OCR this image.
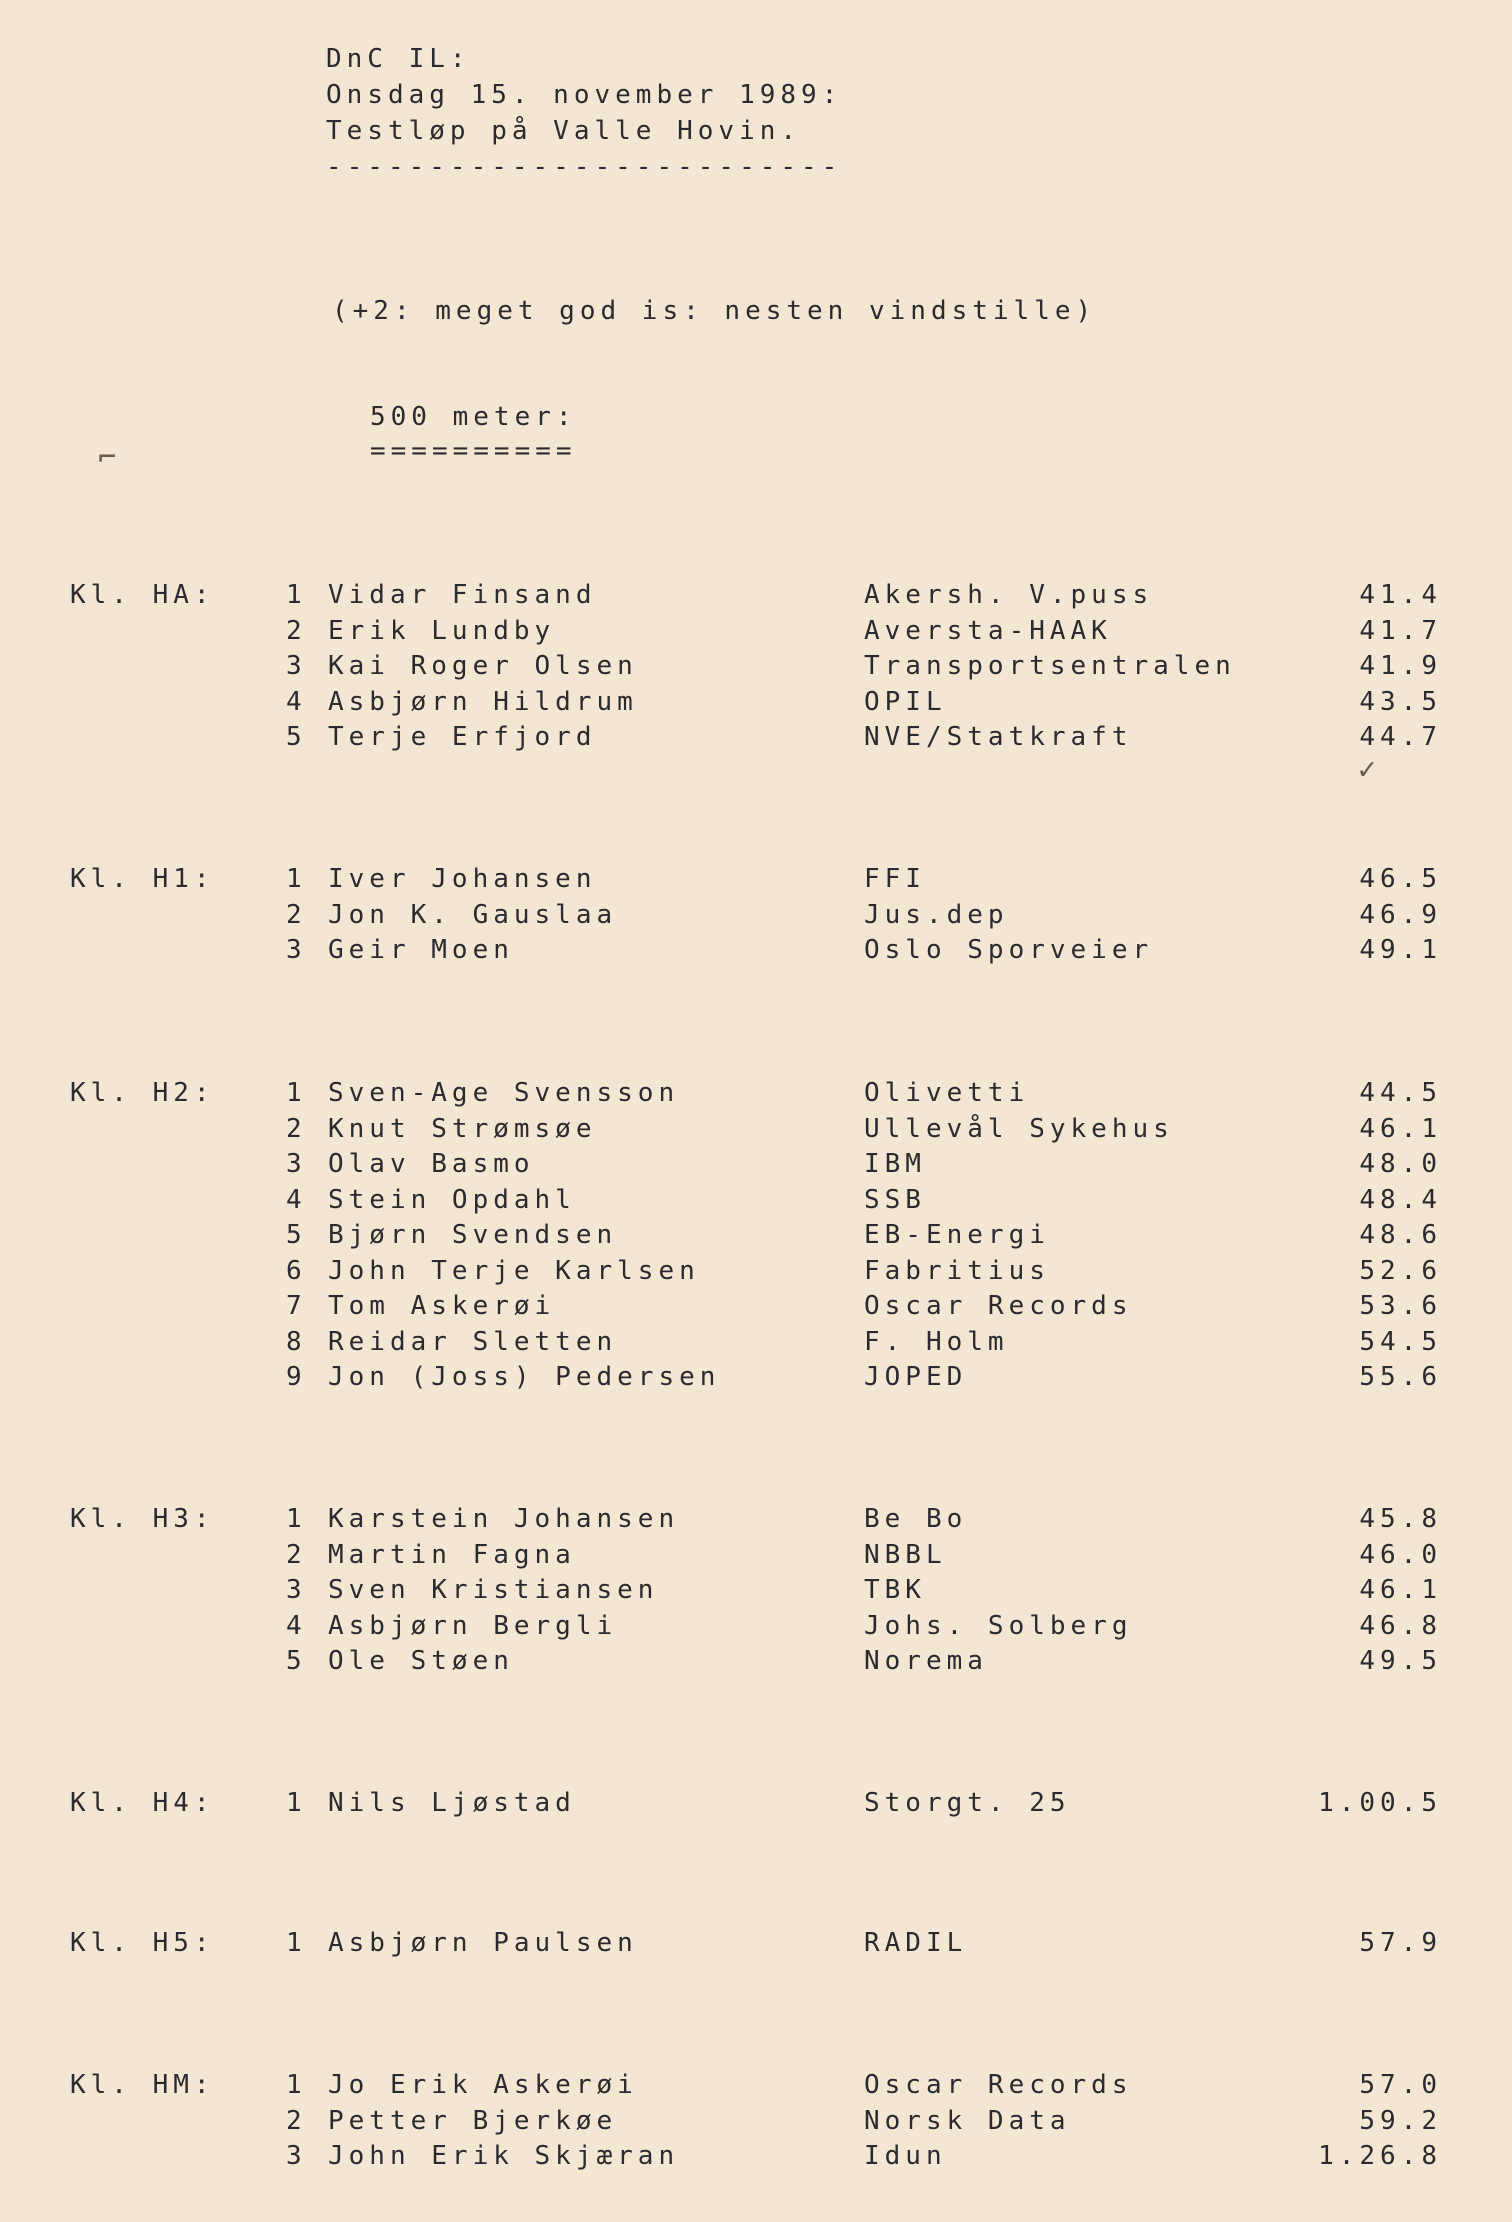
DnC IL:
Onsdag 15. november 1989:
Testløp på Valle Hovin.
-------------------------
(+2: meget god is: nesten vindstille)
500 meter:
==========
⌐
✓
Kl. HA:	1 Vidar Finsand	Akersh. V.puss	41.4
2 Erik Lundby	Aversta-HAAK	41.7
3 Kai Roger Olsen	Transportsentralen	41.9
4 Asbjørn Hildrum	OPIL	43.5
5 Terje Erfjord	NVE/Statkraft	44.7
Kl. H1:	1 Iver Johansen	FFI	46.5
2 Jon K. Gauslaa	Jus.dep	46.9
3 Geir Moen	Oslo Sporveier	49.1
Kl. H2:	1 Sven-Age Svensson	Olivetti	44.5
2 Knut Strømsøe	Ullevål Sykehus	46.1
3 Olav Basmo	IBM	48.0
4 Stein Opdahl	SSB	48.4
5 Bjørn Svendsen	EB-Energi	48.6
6 John Terje Karlsen	Fabritius	52.6
7 Tom Askerøi	Oscar Records	53.6
8 Reidar Sletten	F. Holm	54.5
9 Jon (Joss) Pedersen	JOPED	55.6
Kl. H3:	1 Karstein Johansen	Be Bo	45.8
2 Martin Fagna	NBBL	46.0
3 Sven Kristiansen	TBK	46.1
4 Asbjørn Bergli	Johs. Solberg	46.8
5 Ole Støen	Norema	49.5
Kl. H4:	1 Nils Ljøstad	Storgt. 25	1.00.5
Kl. H5:	1 Asbjørn Paulsen	RADIL	57.9
Kl. HM:	1 Jo Erik Askerøi	Oscar Records	57.0
2 Petter Bjerkøe	Norsk Data	59.2
3 John Erik Skjæran	Idun	1.26.8
